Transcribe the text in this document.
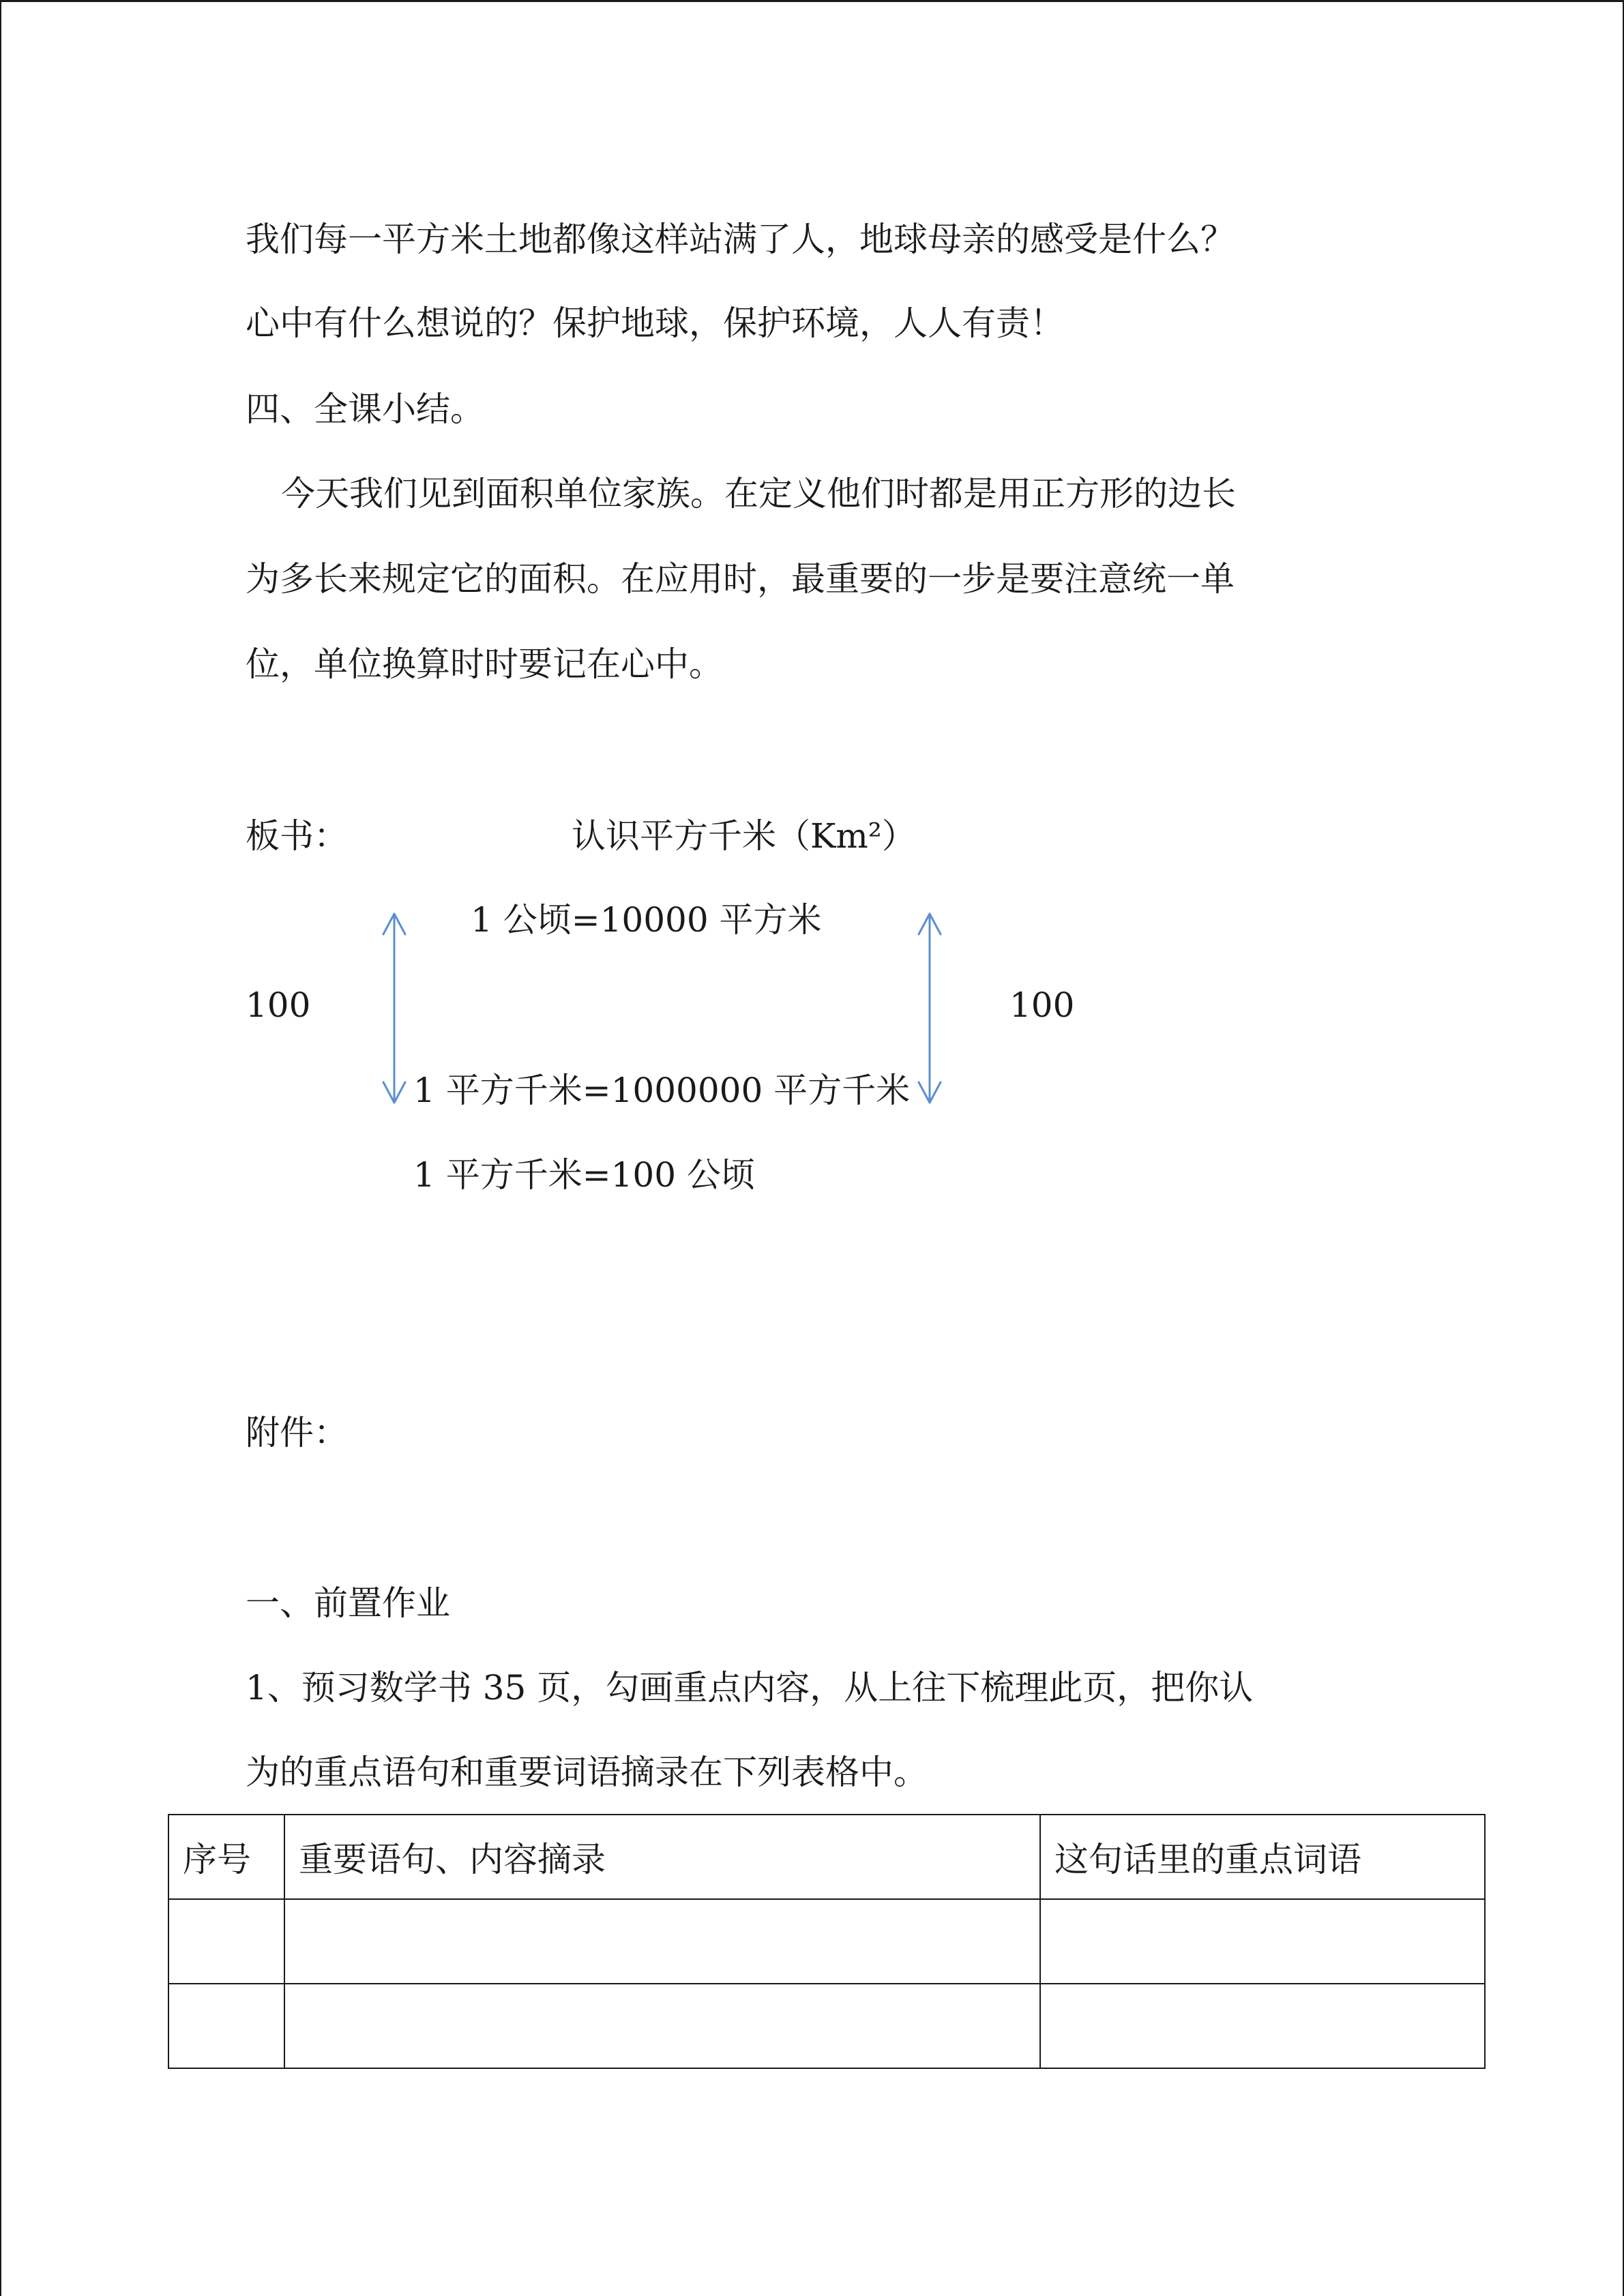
我们每一平方米土地都像这样站满了人，地球母亲的感受是什么？
心中有什么想说的？保护地球，保护环境，人人有责！
四、全课小结。
今天我们见到面积单位家族。在定义他们时都是用正方形的边长
为多长来规定它的面积。在应用时，最重要的一步是要注意统一单
位，单位换算时时要记在心中。
板书：	认识平方千米（Km²）
1 公顷=10000 平方米
100	100
1 平方千米=1000000 平方千米
1 平方千米=100 公顷
附件：
一、前置作业
1、预习数学书 35 页，勾画重点内容，从上往下梳理此页，把你认
为的重点语句和重要词语摘录在下列表格中。
序号	重要语句、内容摘录	这句话里的重点词语
